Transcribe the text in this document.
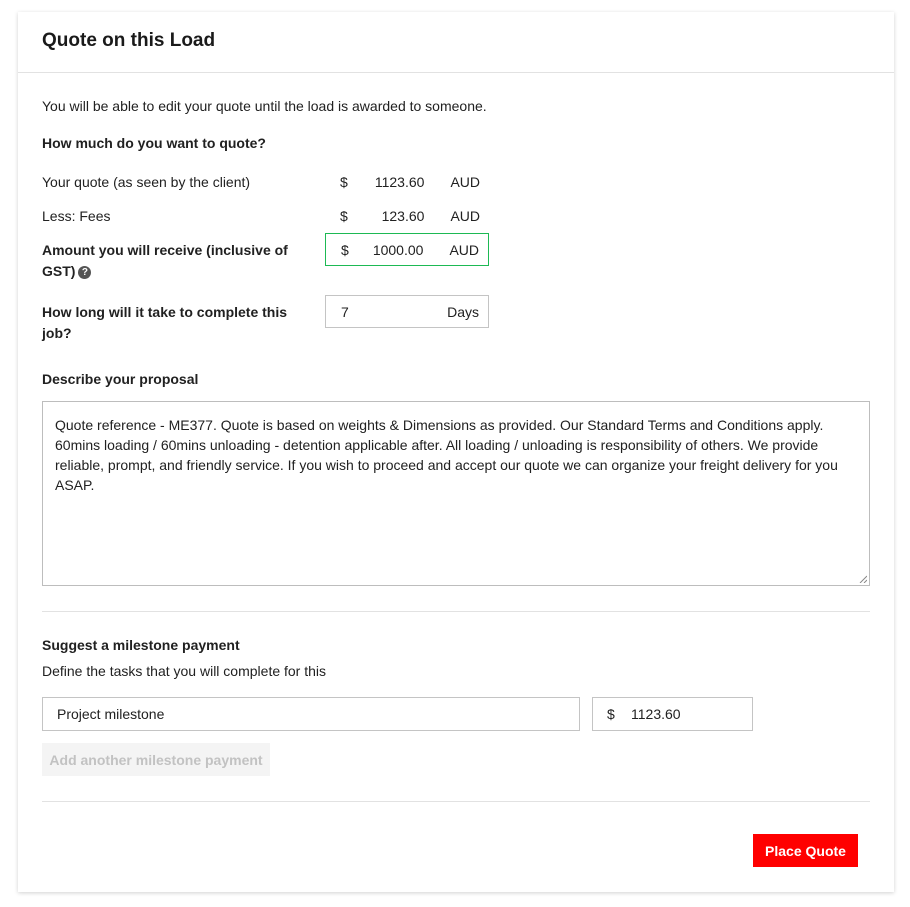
Quote on this Load
You will be able to edit your quote until the load is awarded to someone.
How much do you want to quote?
Your quote (as seen by the client)	$	1123.60	AUD
Less: Fees	$	123.60	AUD
Amount you will receive (inclusive of GST) ?
$	1000.00	AUD
How long will it take to complete this job?
7	Days
Describe your proposal
Quote reference - ME377. Quote is based on weights & Dimensions as provided. Our Standard Terms and Conditions apply. 60mins loading / 60mins unloading - detention applicable after. All loading / unloading is responsibility of others. We provide reliable, prompt, and friendly service. If you wish to proceed and accept our quote we can organize your freight delivery for you ASAP.
Suggest a milestone payment
Define the tasks that you will complete for this
Project milestone	$	1123.60
Add another milestone payment
Place Quote
